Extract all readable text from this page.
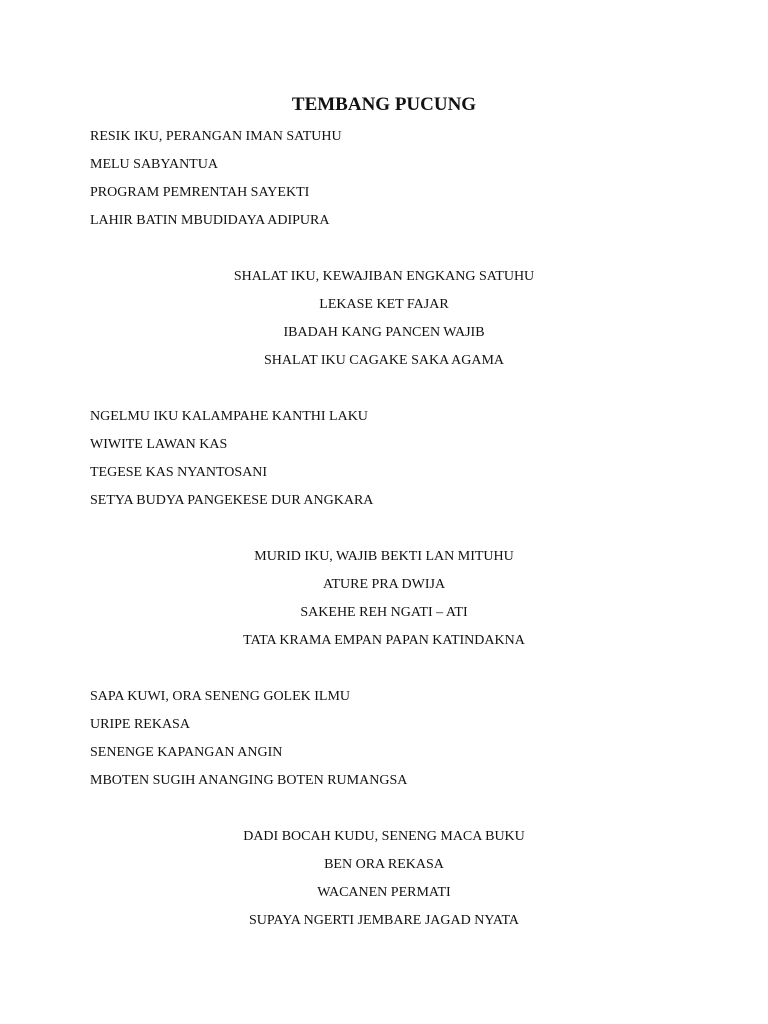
TEMBANG PUCUNG
RESIK IKU, PERANGAN IMAN SATUHU
MELU SABYANTUA
PROGRAM PEMRENTAH SAYEKTI
LAHIR BATIN MBUDIDAYA ADIPURA
SHALAT IKU, KEWAJIBAN ENGKANG SATUHU
LEKASE KET FAJAR
IBADAH KANG PANCEN WAJIB
SHALAT IKU CAGAKE SAKA AGAMA
NGELMU IKU KALAMPAHE KANTHI LAKU
WIWITE LAWAN KAS
TEGESE KAS NYANTOSANI
SETYA BUDYA PANGEKESE DUR ANGKARA
MURID IKU, WAJIB BEKTI LAN MITUHU
ATURE PRA DWIJA
SAKEHE REH NGATI – ATI
TATA KRAMA EMPAN PAPAN KATINDAKNA
SAPA KUWI, ORA SENENG GOLEK ILMU
URIPE REKASA
SENENGE KAPANGAN ANGIN
MBOTEN SUGIH ANANGING BOTEN RUMANGSA
DADI BOCAH KUDU, SENENG MACA BUKU
BEN ORA REKASA
WACANEN PERMATI
SUPAYA NGERTI JEMBARE JAGAD NYATA
